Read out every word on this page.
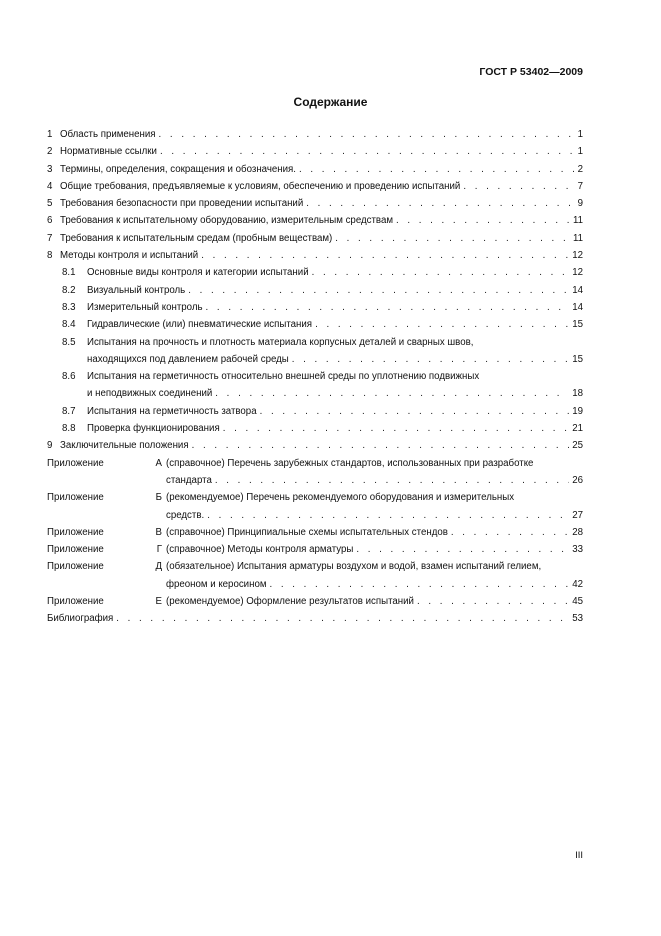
ГОСТ Р 53402—2009
Содержание
1 Область применения . . .	1
2 Нормативные ссылки . . .	1
3 Термины, определения, сокращения и обозначения. . . .	2
4 Общие требования, предъявляемые к условиям, обеспечению и проведению испытаний . . .	7
5 Требования безопасности при проведении испытаний . . .	9
6 Требования к испытательному оборудованию, измерительным средствам . . .	11
7 Требования к испытательным средам (пробным веществам) . . .	11
8 Методы контроля и испытаний . . .	12
8.1	Основные виды контроля и категории испытаний . . .	12
8.2	Визуальный контроль . . .	14
8.3	Измерительный контроль . . .	14
8.4	Гидравлические (или) пневматические испытания . . .	15
8.5	Испытания на прочность и плотность материала корпусных деталей и сварных швов,
находящихся под давлением рабочей среды . . .	15
8.6	Испытания на герметичность относительно внешней среды по уплотнению подвижных
и неподвижных соединений . . .	18
8.7	Испытания на герметичность затвора . . .	19
8.8	Проверка функционирования . . .	21
9 Заключительные положения . . .	25
Приложение	А (справочное) Перечень зарубежных стандартов, использованных при разработке
стандарта . . .	26
Приложение	Б (рекомендуемое) Перечень рекомендуемого оборудования и измерительных
средств. . . .	27
Приложение	В (справочное) Принципиальные схемы испытательных стендов . . .	28
Приложение	Г (справочное) Методы контроля арматуры . . .	33
Приложение	Д (обязательное) Испытания арматуры воздухом и водой, взамен испытаний гелием,
фреоном и керосином . . .	42
Приложение	Е (рекомендуемое) Оформление результатов испытаний . . .	45
Библиография . . .	53
III
